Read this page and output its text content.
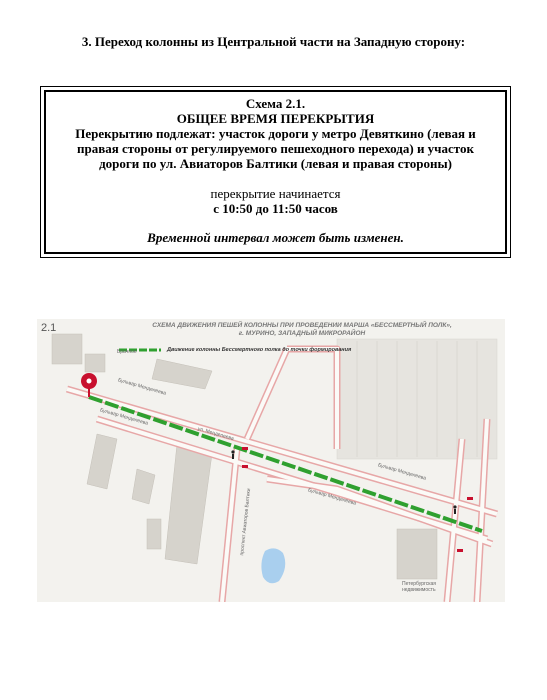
3. Переход колонны из Центральной части на Западную сторону:
Схема 2.1.
ОБЩЕЕ ВРЕМЯ ПЕРЕКРЫТИЯ
Перекрытию подлежат: участок дороги у метро Девяткино (левая и
правая стороны от регулируемого пешеходного перехода) и участок
дороги по ул. Авиаторов Балтики (левая и правая стороны)
перекрытие начинается
с 10:50 до 11:50 часов
Временной интервал может быть изменен.
2.1	СХЕМА ДВИЖЕНИЯ ПЕШЕЙ КОЛОННЫ ПРИ ПРОВЕДЕНИИ МАРША «БЕССМЕРТНЫЙ ПОЛК»,
г. МУРИНО, ЗАПАДНЫЙ МИКРОРАЙОН
Движение колонны Бессмертного полка до точки формирования
Брачное
Бульвар Менделеева
Бульвар Менделеева
ул. Менделеева
Бульвар Менделеева
Бульвар Менделеева
проспект Авиаторов Балтики
Петербургская недвижимость
